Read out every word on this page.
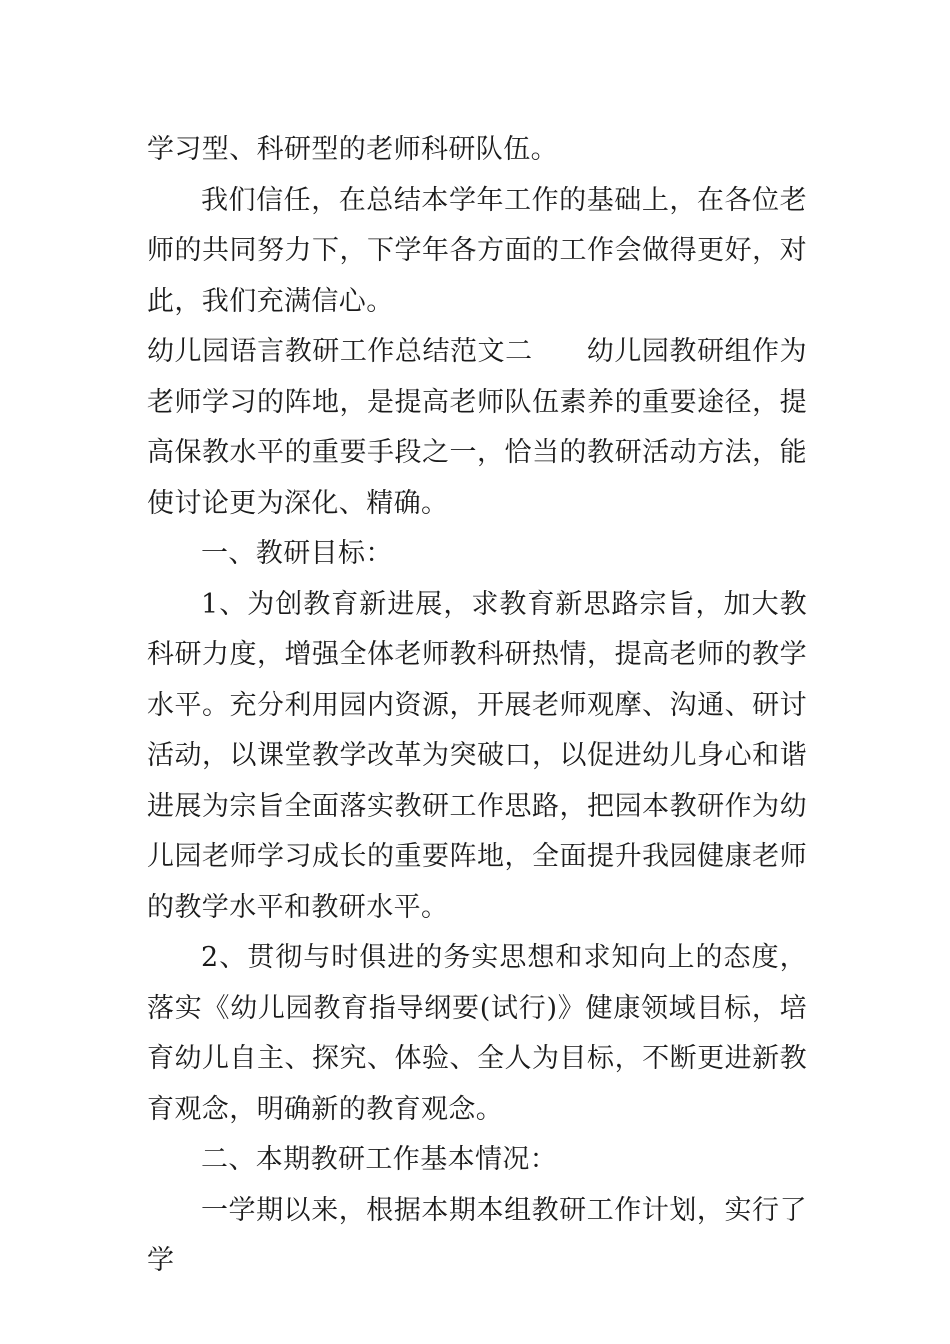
学习型、科研型的老师科研队伍。

我们信任，在总结本学年工作的基础上，在各位老师的共同努力下，下学年各方面的工作会做得更好，对此，我们充满信心。

幼儿园语言教研工作总结范文二 幼儿园教研组作为老师学习的阵地，是提高老师队伍素养的重要途径，提高保教水平的重要手段之一，恰当的教研活动方法，能使讨论更为深化、精确。

一、教研目标：

1、为创教育新进展，求教育新思路宗旨，加大教科研力度，增强全体老师教科研热情，提高老师的教学水平。充分利用园内资源，开展老师观摩、沟通、研讨活动，以课堂教学改革为突破口，以促进幼儿身心和谐进展为宗旨全面落实教研工作思路，把园本教研作为幼儿园老师学习成长的重要阵地，全面提升我园健康老师的教学水平和教研水平。

2、贯彻与时俱进的务实思想和求知向上的态度，落实《幼儿园教育指导纲要(试行)》健康领域目标，培育幼儿自主、探究、体验、全人为目标，不断更进新教育观念，明确新的教育观念。

二、本期教研工作基本情况：

一学期以来，根据本期本组教研工作计划，实行了学
